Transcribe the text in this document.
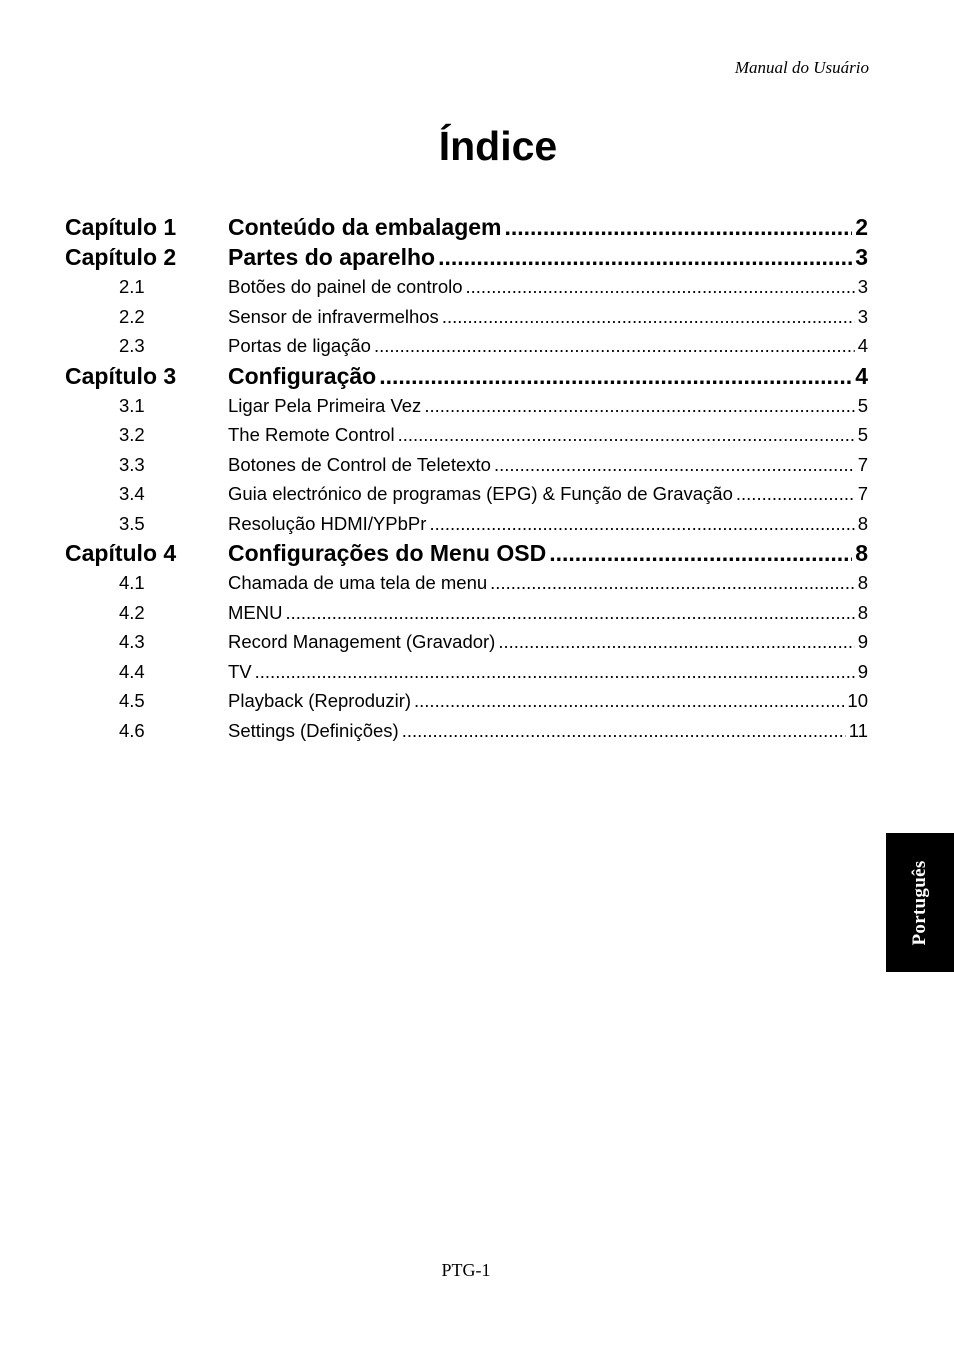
Manual do Usuário
Índice
Capítulo 1	Conteúdo da embalagem .....	2
Capítulo 2	Partes do aparelho .....	3
2.1	Botões do painel de controlo .....	3
2.2	Sensor de infravermelhos .....	3
2.3	Portas de ligação .....	4
Capítulo 3	Configuração .....	4
3.1	Ligar Pela Primeira Vez .....	5
3.2	The Remote Control .....	5
3.3	Botones de Control de Teletexto .....	7
3.4	Guia electrónico de programas (EPG) & Função de Gravação .....	7
3.5	Resolução HDMI/YPbPr .....	8
Capítulo 4	Configurações do Menu OSD .....	8
4.1	Chamada de uma tela de menu .....	8
4.2	MENU .....	8
4.3	Record Management (Gravador) .....	9
4.4	TV .....	9
4.5	Playback (Reproduzir) .....	10
4.6	Settings (Definições) .....	11
Português
PTG-1
